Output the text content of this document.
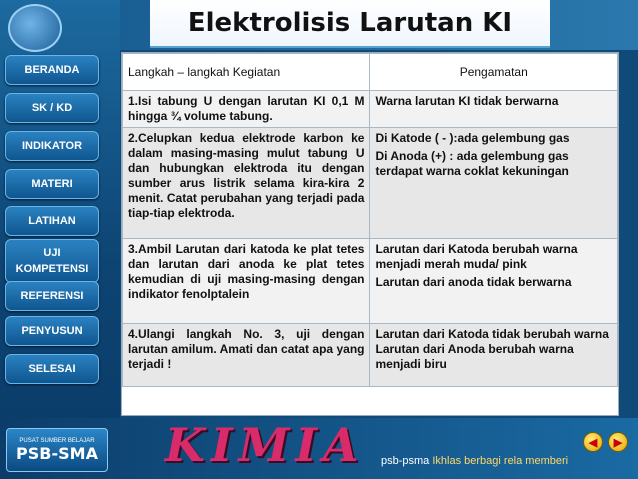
Elektrolisis Larutan KI
BERANDA
SK / KD
INDIKATOR
MATERI
LATIHAN
UJI
KOMPETENSI
REFERENSI
PENYUSUN
SELESAI
Langkah – langkah Kegiatan	Pengamatan
1.Isi tabung U dengan larutan KI 0,1 M hingga ¾ volume tabung.	Warna larutan KI tidak berwarna

2.Celupkan kedua elektrode karbon ke dalam masing-masing mulut tabung U dan hubungkan elektroda itu dengan sumber arus listrik selama kira-kira 2 menit. Catat perubahan yang terjadi pada tiap-tiap elektroda.	Di Katode ( - ):ada gelembung gas
Di Anoda (+) : ada gelembung gas terdapat warna coklat kekuningan

3.Ambil Larutan dari katoda ke plat tetes dan larutan dari anoda ke plat tetes kemudian di uji masing-masing dengan indikator fenolptalein	Larutan dari Katoda berubah warna menjadi merah muda/ pink
Larutan dari anoda tidak berwarna

4.Ulangi langkah No. 3, uji dengan larutan amilum. Amati dan catat apa yang terjadi !	Larutan dari Katoda tidak berubah warna Larutan dari Anoda berubah warna menjadi biru
PUSAT SUMBER BELAJAR
PSB-SMA KIMIA psb-psma Ikhlas berbagi rela memberi
◀	▶
